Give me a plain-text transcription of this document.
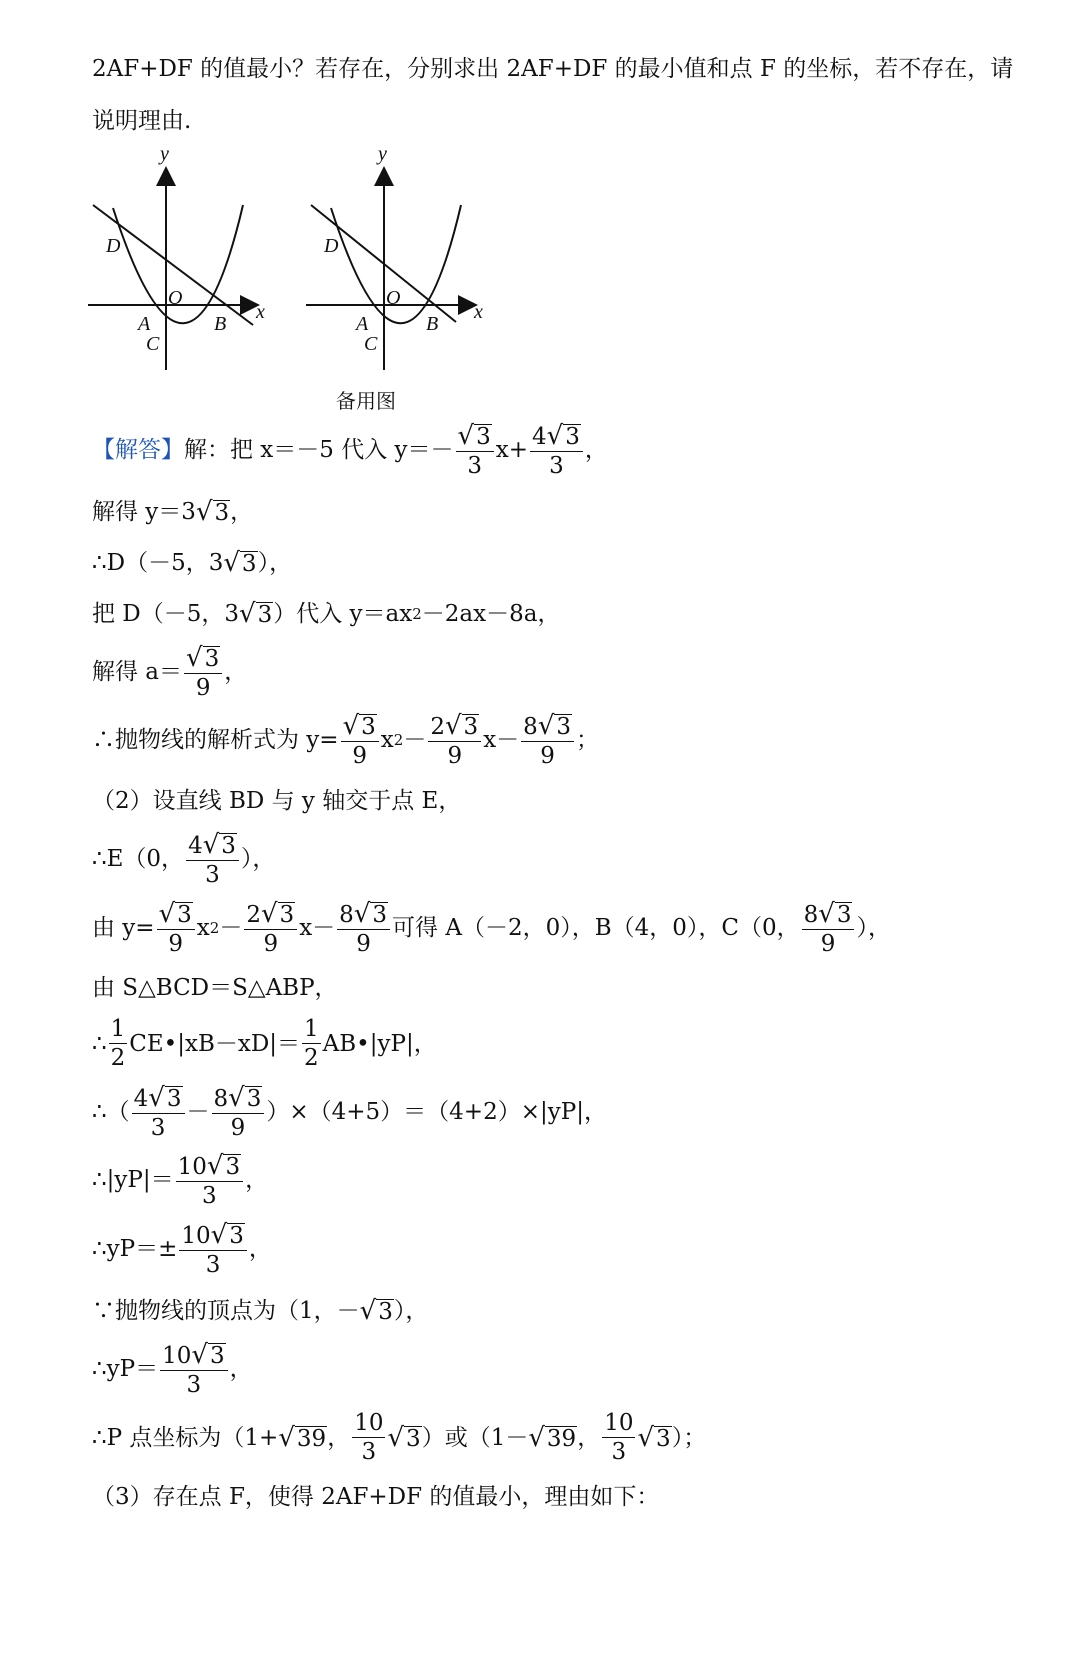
2AF+DF 的值最小？若存在，分别求出 2AF+DF 的最小值和点 F 的坐标，若不存在，请
说明理由.
y
x
O
A	B
C
D
y
x
O
A	B
C
D
备用图
【解答】 解：把 x＝－5 代入 $y=- \frac{√ 3}{3} x+ \frac{4 √ 3}{3}$ ，
解得 y＝3 √ 3 ，
∴D（－5，3 √ 3 ），
把 D（－5，3 √ 3 ）代入 y＝ax 2 －2ax－8a，
解得 $a= \frac{√ 3}{9}$ ，
∴抛物线的解析式为 $y= \frac{√ 3}{9}$ x $2 - \frac{2 √ 3}{9} x- \frac{8 √ 3}{9}$ ；
（2）设直线 BD 与 y 轴交于点 E，
∴E（0， $\frac{4 √ 3}{3}$ ），
由 $y= \frac{√ 3}{9}$ x $2 - \frac{2 √ 3}{9} x- \frac{8 √ 3}{9}$ 可得 A（－2，0），B（4，0），C（0， $\frac{8 √ 3}{9}$ ），
由 S△BCD＝S△ABP，
∴ $\frac{1}{2}$ CE•|xB－xD|＝ $\frac{1}{2}$ AB•|yP|，
∴（ $\frac{4 √ 3}{3} - \frac{8 √ 3}{9} )\times(4+5)=(4+2)\times|yP|$，
∴|yP|＝ $\frac{10 √ 3}{3}$ ，
∴yP＝± $\frac{10 √ 3}{3}$ ，
∵抛物线的顶点为（1，－ √ 3 ），
∴yP＝ $\frac{10 √ 3}{3}$ ，
∴P 点坐标为（1+ √ 39 ， $\frac{10}{3}$ √ 3 ）或（1－ √ 39 ， $\frac{10}{3}$ √ 3 ）；
（3）存在点 F，使得 2AF+DF 的值最小，理由如下：
